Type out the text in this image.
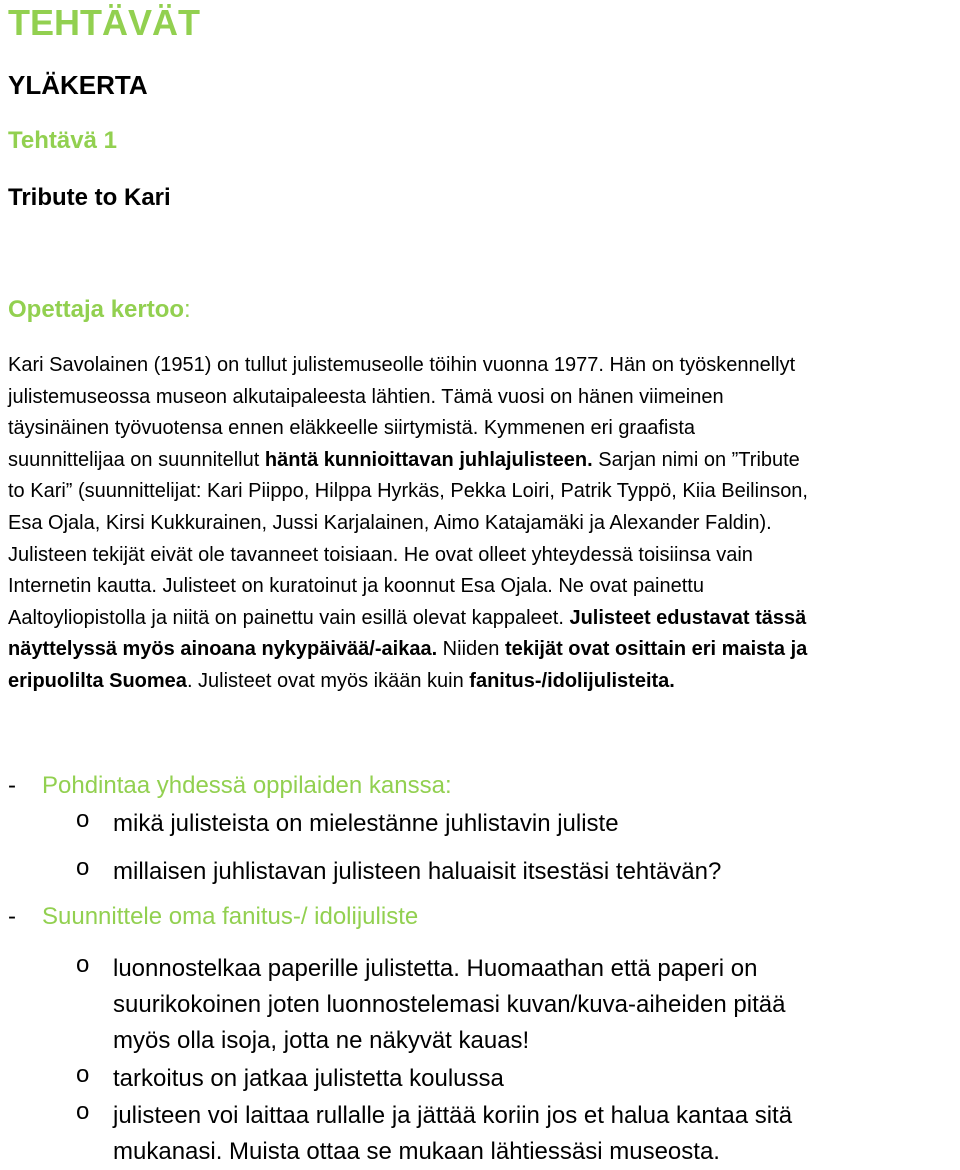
TEHTÄVÄT
YLÄKERTA
Tehtävä 1
Tribute to Kari
Opettaja kertoo:
Kari Savolainen (1951) on tullut julistemuseolle töihin vuonna 1977. Hän on työskennellyt
julistemuseossa museon alkutaipaleesta lähtien. Tämä vuosi on hänen viimeinen
täysinäinen työvuotensa ennen eläkkeelle siirtymistä. Kymmenen eri graafista
suunnittelijaa on suunnitellut häntä kunnioittavan juhlajulisteen. Sarjan nimi on ”Tribute
to Kari” (suunnittelijat: Kari Piippo, Hilppa Hyrkäs, Pekka Loiri, Patrik Typpö, Kiia Beilinson,
Esa Ojala, Kirsi Kukkurainen, Jussi Karjalainen, Aimo Katajamäki ja Alexander Faldin).
Julisteen tekijät eivät ole tavanneet toisiaan. He ovat olleet yhteydessä toisiinsa vain
Internetin kautta. Julisteet on kuratoinut ja koonnut Esa Ojala. Ne ovat painettu
Aaltoyliopistolla ja niitä on painettu vain esillä olevat kappaleet. Julisteet edustavat tässä
näyttelyssä myös ainoana nykypäivää/-aikaa. Niiden tekijät ovat osittain eri maista ja
eripuolilta Suomea. Julisteet ovat myös ikään kuin fanitus-/idolijulisteita.
- Pohdintaa yhdessä oppilaiden kanssa:
o mikä julisteista on mielestänne juhlistavin juliste
o millaisen juhlistavan julisteen haluaisit itsestäsi tehtävän?
- Suunnittele oma fanitus-/ idolijuliste
o luonnostelkaa paperille julistetta. Huomaathan että paperi on
suurikokoinen joten luonnostelemasi kuvan/kuva-aiheiden pitää
myös olla isoja, jotta ne näkyvät kauas!
o tarkoitus on jatkaa julistetta koulussa
o julisteen voi laittaa rullalle ja jättää koriin jos et halua kantaa sitä
mukanasi. Muista ottaa se mukaan lähtiessäsi museosta.
